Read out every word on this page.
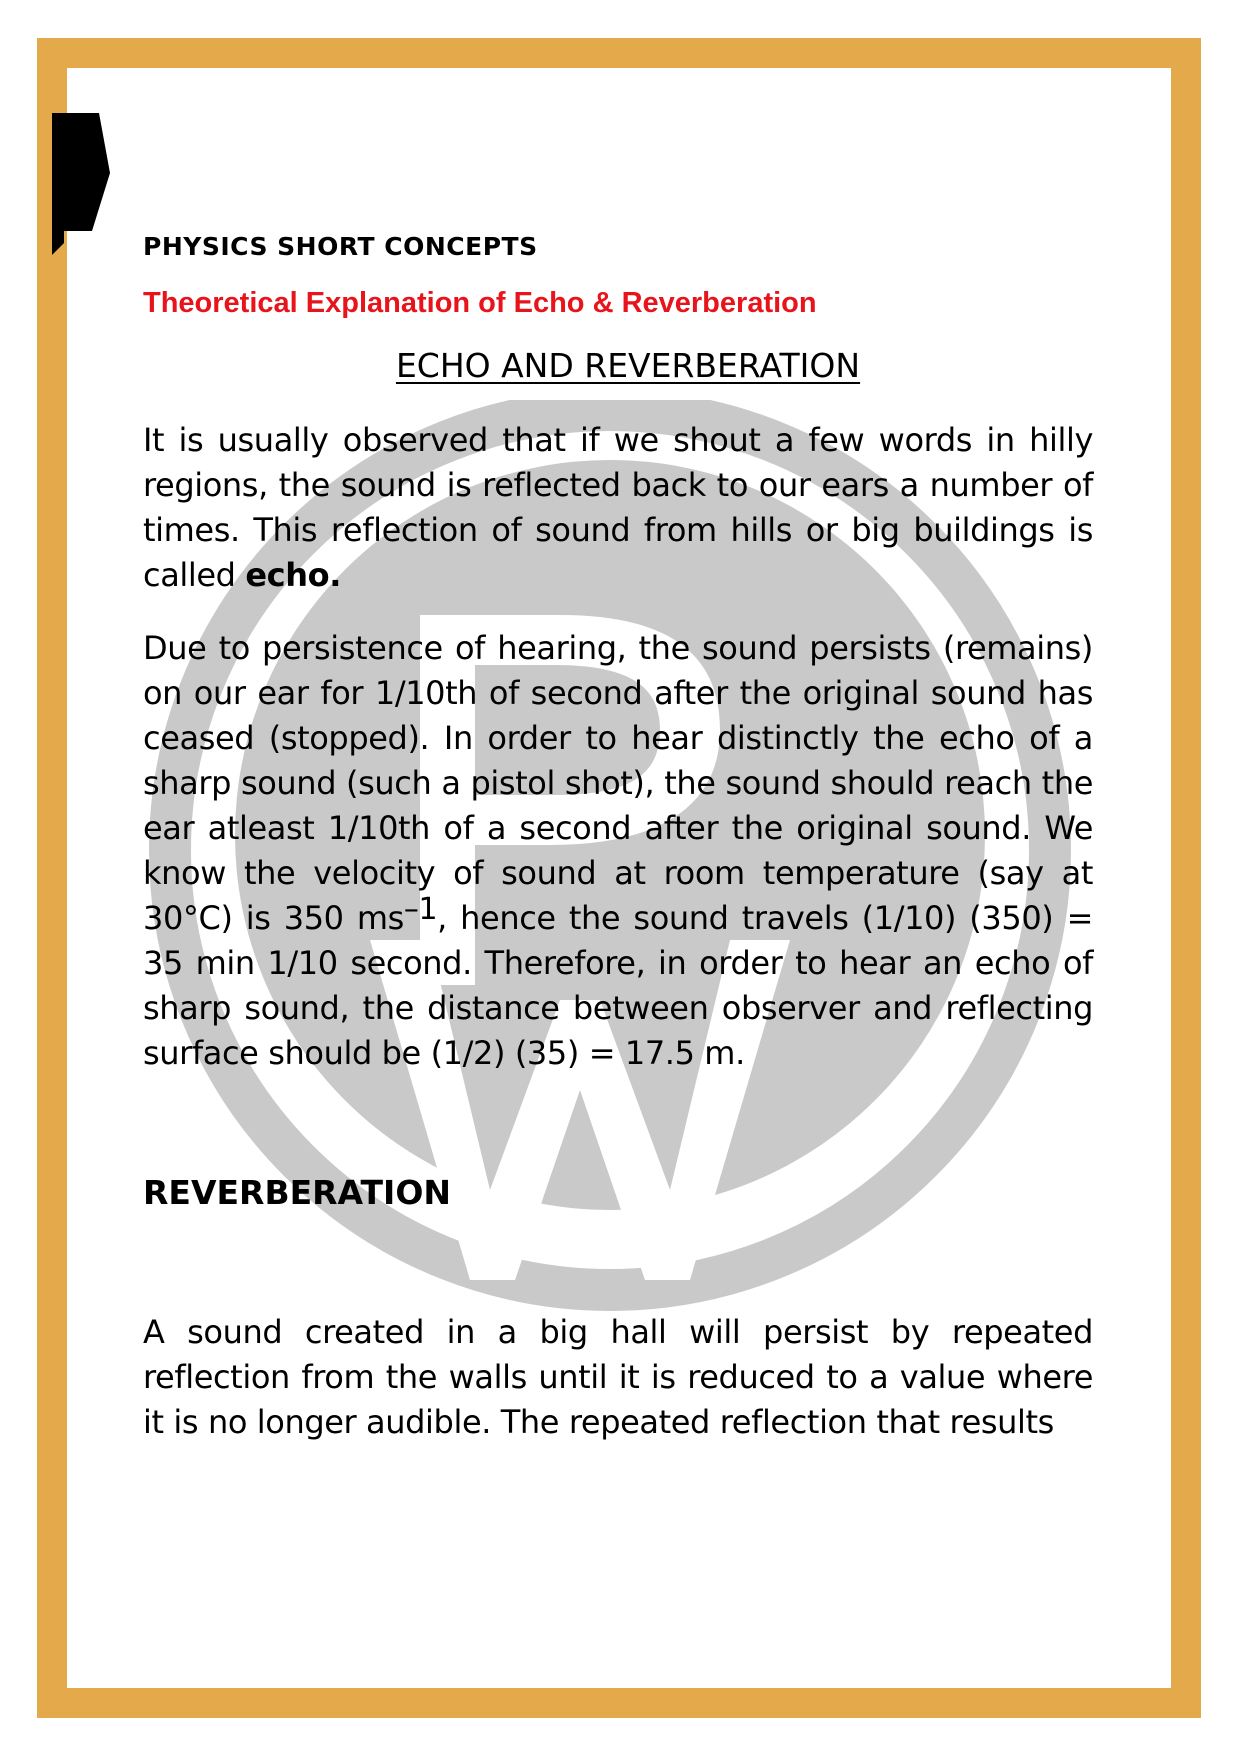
PHYSICS SHORT CONCEPTS

Theoretical Explanation of Echo & Reverberation

ECHO AND REVERBERATION

It is usually observed that if we shout a few words in hilly regions, the sound is reflected back to our ears a number of times. This reflection of sound from hills or big buildings is called echo.

Due to persistence of hearing, the sound persists (remains) on our ear for 1/10th of second after the original sound has ceased (stopped). In order to hear distinctly the echo of a sharp sound (such a pistol shot), the sound should reach the ear atleast 1/10th of a second after the original sound. We know the velocity of sound at room temperature (say at 30°C) is 350 ms–1, hence the sound travels (1/10) (350) = 35 min 1/10 second. Therefore, in order to hear an echo of sharp sound, the distance between observer and reflecting surface should be (1/2) (35) = 17.5 m.

REVERBERATION

A sound created in a big hall will persist by repeated reflection from the walls until it is reduced to a value where it is no longer audible. The repeated reflection that results
